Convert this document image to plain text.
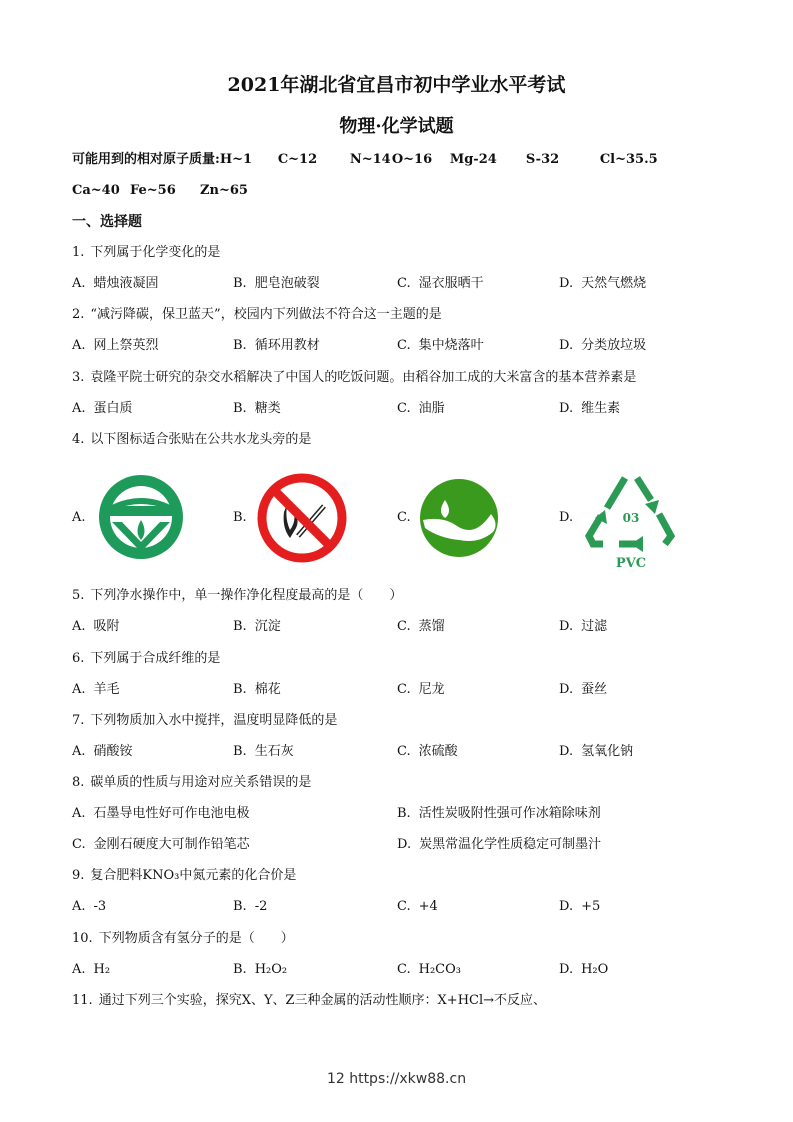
2021年湖北省宜昌市初中学业水平考试
物理·化学试题
可能用到的相对原子质量:H~1 C~12	N~14O~16 Mg-24 S-32	Cl~35.5
Ca~40 Fe~56 Zn~65
一、选择题
1. 下列属于化学变化的是
A. 蜡烛液凝固	B. 肥皂泡破裂	C. 湿衣服晒干	D. 天然气燃烧
2. “减污降碳，保卫蓝天”，校园内下列做法不符合这一主题的是
A. 网上祭英烈	B. 循环用教材	C. 集中烧落叶	D. 分类放垃圾
3. 袁隆平院士研究的杂交水稻解决了中国人的吃饭问题。由稻谷加工成的大米富含的基本营养素是
A. 蛋白质	B. 糖类	C. 油脂	D. 维生素
4. 以下图标适合张贴在公共水龙头旁的是
A.	B.	C.	D.	03
PVC
5. 下列净水操作中，单一操作净化程度最高的是（　　）
A. 吸附	B. 沉淀	C. 蒸馏	D. 过滤
6. 下列属于合成纤维的是
A. 羊毛	B. 棉花	C. 尼龙	D. 蚕丝
7. 下列物质加入水中搅拌，温度明显降低的是
A. 硝酸铵	B. 生石灰	C. 浓硫酸	D. 氢氧化钠
8. 碳单质的性质与用途对应关系错误的是
A. 石墨导电性好可作电池电极	B. 活性炭吸附性强可作冰箱除味剂
C. 金刚石硬度大可制作铅笔芯	D. 炭黑常温化学性质稳定可制墨汁
9. 复合肥料KNO₃中氮元素的化合价是
A. -3	B. -2	C. +4	D. +5
10. 下列物质含有氢分子的是（　　）
A. H₂	B. H₂O₂	C. H₂CO₃	D. H₂O
11. 通过下列三个实验，探究X、Y、Z三种金属的活动性顺序：X+HCl→不反应、
12 https://xkw88.cn
